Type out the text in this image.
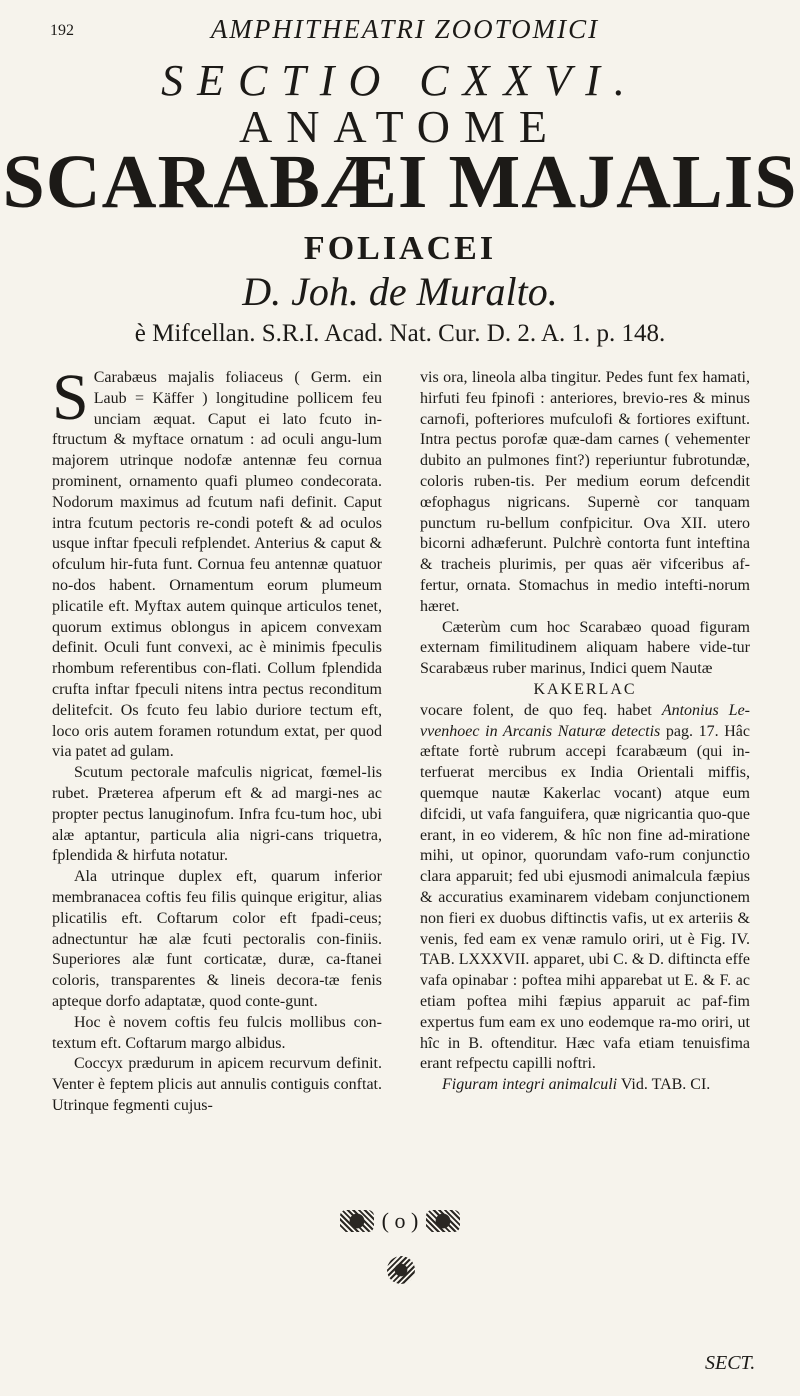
192	AMPHITHEATRI ZOOTOMICI
SECTIO CXXVI.
ANATOME
SCARABÆI MAJALIS
FOLIACEI
D. Joh. de Muralto.
è Mifcellan. S.R.I. Acad. Nat. Cur. D. 2. A. 1. p. 148.

S Carabæus majalis foliaceus ( Germ. ein Laub = Käffer ) longitudine pollicem feu unciam æquat. Caput ei lato fcuto in-ftructum & myftace ornatum : ad oculi angu-lum majorem utrinque nodofæ antennæ feu cornua prominent, ornamento quafi plumeo condecorata. Nodorum maximus ad fcutum nafi definit. Caput intra fcutum pectoris re-condi poteft & ad oculos usque inftar fpeculi refplendet. Anterius & caput & ofculum hir-futa funt. Cornua feu antennæ quatuor no-dos habent. Ornamentum eorum plumeum plicatile eft. Myftax autem quinque articulos tenet, quorum extimus oblongus in apicem convexam definit. Oculi funt convexi, ac è minimis fpeculis rhombum referentibus con-flati. Collum fplendida crufta inftar fpeculi nitens intra pectus reconditum delitefcit. Os fcuto feu labio duriore tectum eft, loco oris autem foramen rotundum extat, per quod via patet ad gulam.

Scutum pectorale mafculis nigricat, fœmel-lis rubet. Præterea afperum eft & ad margi-nes ac propter pectus lanuginofum. Infra fcu-tum hoc, ubi alæ aptantur, particula alia nigri-cans triquetra, fplendida & hirfuta notatur.

Ala utrinque duplex eft, quarum inferior membranacea coftis feu filis quinque erigitur, alias plicatilis eft. Coftarum color eft fpadi-ceus; adnectuntur hæ alæ fcuti pectoralis con-finiis. Superiores alæ funt corticatæ, duræ, ca-ftanei coloris, transparentes & lineis decora-tæ fenis apteque dorfo adaptatæ, quod conte-gunt.

Hoc è novem coftis feu fulcis mollibus con-textum eft. Coftarum margo albidus.

Coccyx prædurum in apicem recurvum definit. Venter è feptem plicis aut annulis contiguis conftat. Utrinque fegmenti cujus-

vis ora, lineola alba tingitur. Pedes funt fex hamati, hirfuti feu fpinofi : anteriores, brevio-res & minus carnofi, pofteriores mufculofi & fortiores exiftunt. Intra pectus porofæ quæ-dam carnes ( vehementer dubito an pulmones fint?) reperiuntur fubrotundæ, coloris ruben-tis. Per medium eorum defcendit œfophagus nigricans. Supernè cor tanquam punctum ru-bellum confpicitur. Ova XII. utero bicorni adhæferunt. Pulchrè contorta funt inteftina & tracheis plurimis, per quas aër vifceribus af-fertur, ornata. Stomachus in medio intefti-norum hæret.

Cæterùm cum hoc Scarabæo quoad figuram externam fimilitudinem aliquam habere vide-tur Scarabæus ruber marinus, Indici quem Nautæ

KAKERLAC

vocare folent, de quo feq. habet Antonius Le-vvenhoec in Arcanis Naturæ detectis pag. 17. Hâc æftate fortè rubrum accepi fcarabæum (qui in-terfuerat mercibus ex India Orientali miffis, quemque nautæ Kakerlac vocant) atque eum difcidi, ut vafa fanguifera, quæ nigricantia quo-que erant, in eo viderem, & hîc non fine ad-miratione mihi, ut opinor, quorundam vafo-rum conjunctio clara apparuit; fed ubi ejusmodi animalcula fæpius & accuratius examinarem videbam conjunctionem non fieri ex duobus diftinctis vafis, ut ex arteriis & venis, fed eam ex venæ ramulo oriri, ut è Fig. IV. TAB. LXXXVII. apparet, ubi C. & D. diftincta effe vafa opinabar : poftea mihi apparebat ut E. & F. ac etiam poftea mihi fæpius apparuit ac paf-fim expertus fum eam ex uno eodemque ra-mo oriri, ut hîc in B. oftenditur. Hæc vafa etiam tenuisfima erant refpectu capilli noftri.

Figuram integri animalculi Vid. TAB. CI.

( o )
SECT.
